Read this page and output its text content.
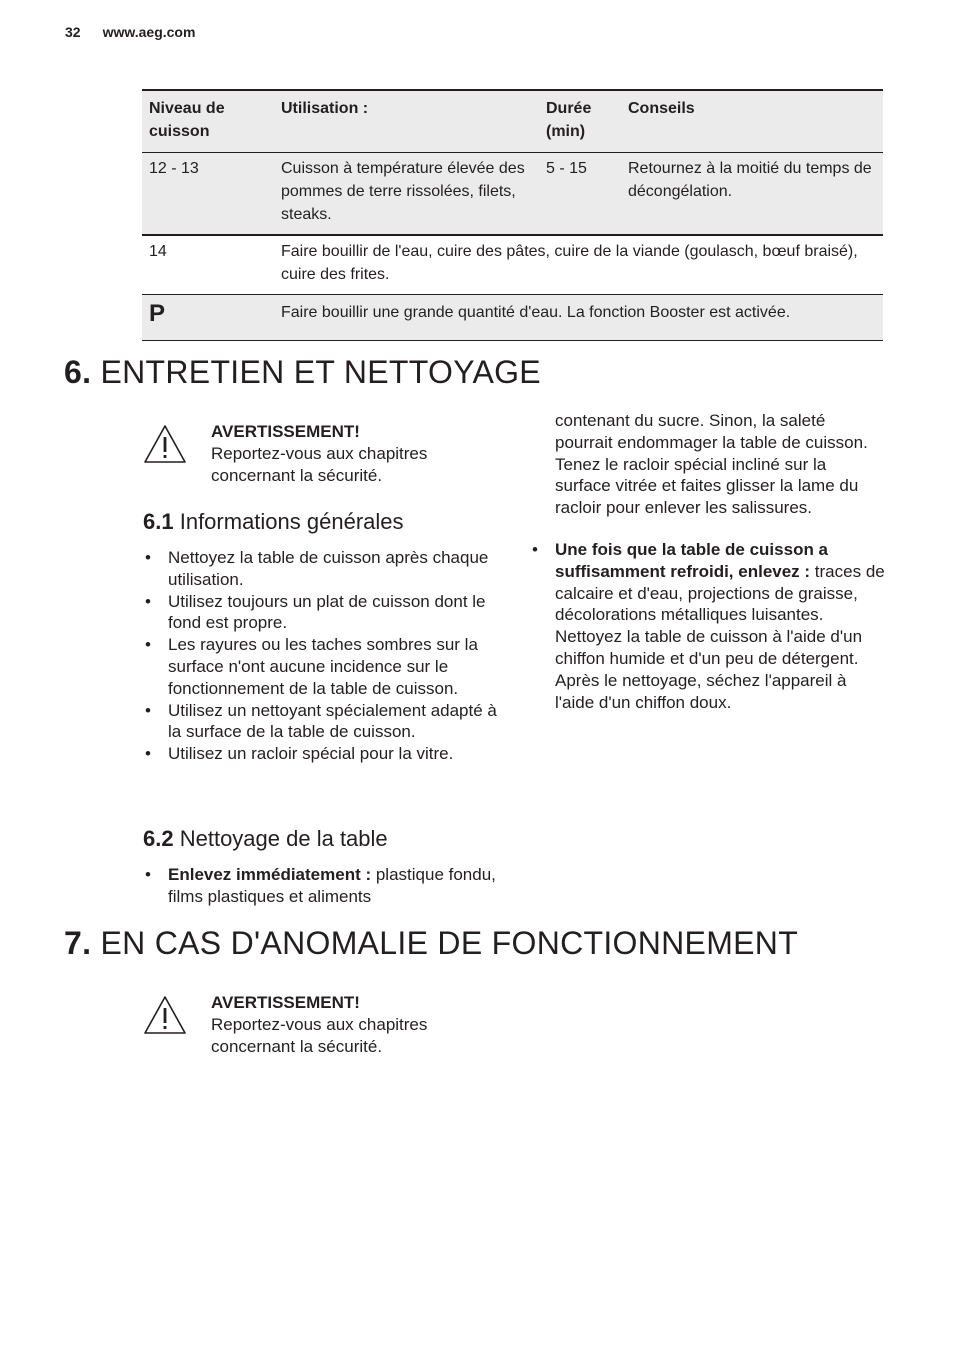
32 www.aeg.com
Niveau de cuisson	Utilisation :	Durée (min)	Conseils
12 - 13	Cuisson à température élevée des pommes de terre rissolées, filets, steaks.	5 - 15	Retournez à la moitié du temps de décongélation.
14	Faire bouillir de l'eau, cuire des pâtes, cuire de la viande (goulasch, bœuf braisé), cuire des frites.		
P	Faire bouillir une grande quantité d'eau. La fonction Booster est activée.		
6. ENTRETIEN ET NETTOYAGE
AVERTISSEMENT!
Reportez-vous aux chapitres concernant la sécurité.
6.1 Informations générales
• Nettoyez la table de cuisson après chaque utilisation.
• Utilisez toujours un plat de cuisson dont le fond est propre.
• Les rayures ou les taches sombres sur la surface n'ont aucune incidence sur le fonctionnement de la table de cuisson.
• Utilisez un nettoyant spécialement adapté à la surface de la table de cuisson.
• Utilisez un racloir spécial pour la vitre.
6.2 Nettoyage de la table
• Enlevez immédiatement : plastique fondu, films plastiques et aliments

contenant du sucre. Sinon, la saleté pourrait endommager la table de cuisson. Tenez le racloir spécial incliné sur la surface vitrée et faites glisser la lame du racloir pour enlever les salissures.

• Une fois que la table de cuisson a suffisamment refroidi, enlevez : traces de calcaire et d'eau, projections de graisse, décolorations métalliques luisantes. Nettoyez la table de cuisson à l'aide d'un chiffon humide et d'un peu de détergent. Après le nettoyage, séchez l'appareil à l'aide d'un chiffon doux.
7. EN CAS D'ANOMALIE DE FONCTIONNEMENT
AVERTISSEMENT!
Reportez-vous aux chapitres concernant la sécurité.
